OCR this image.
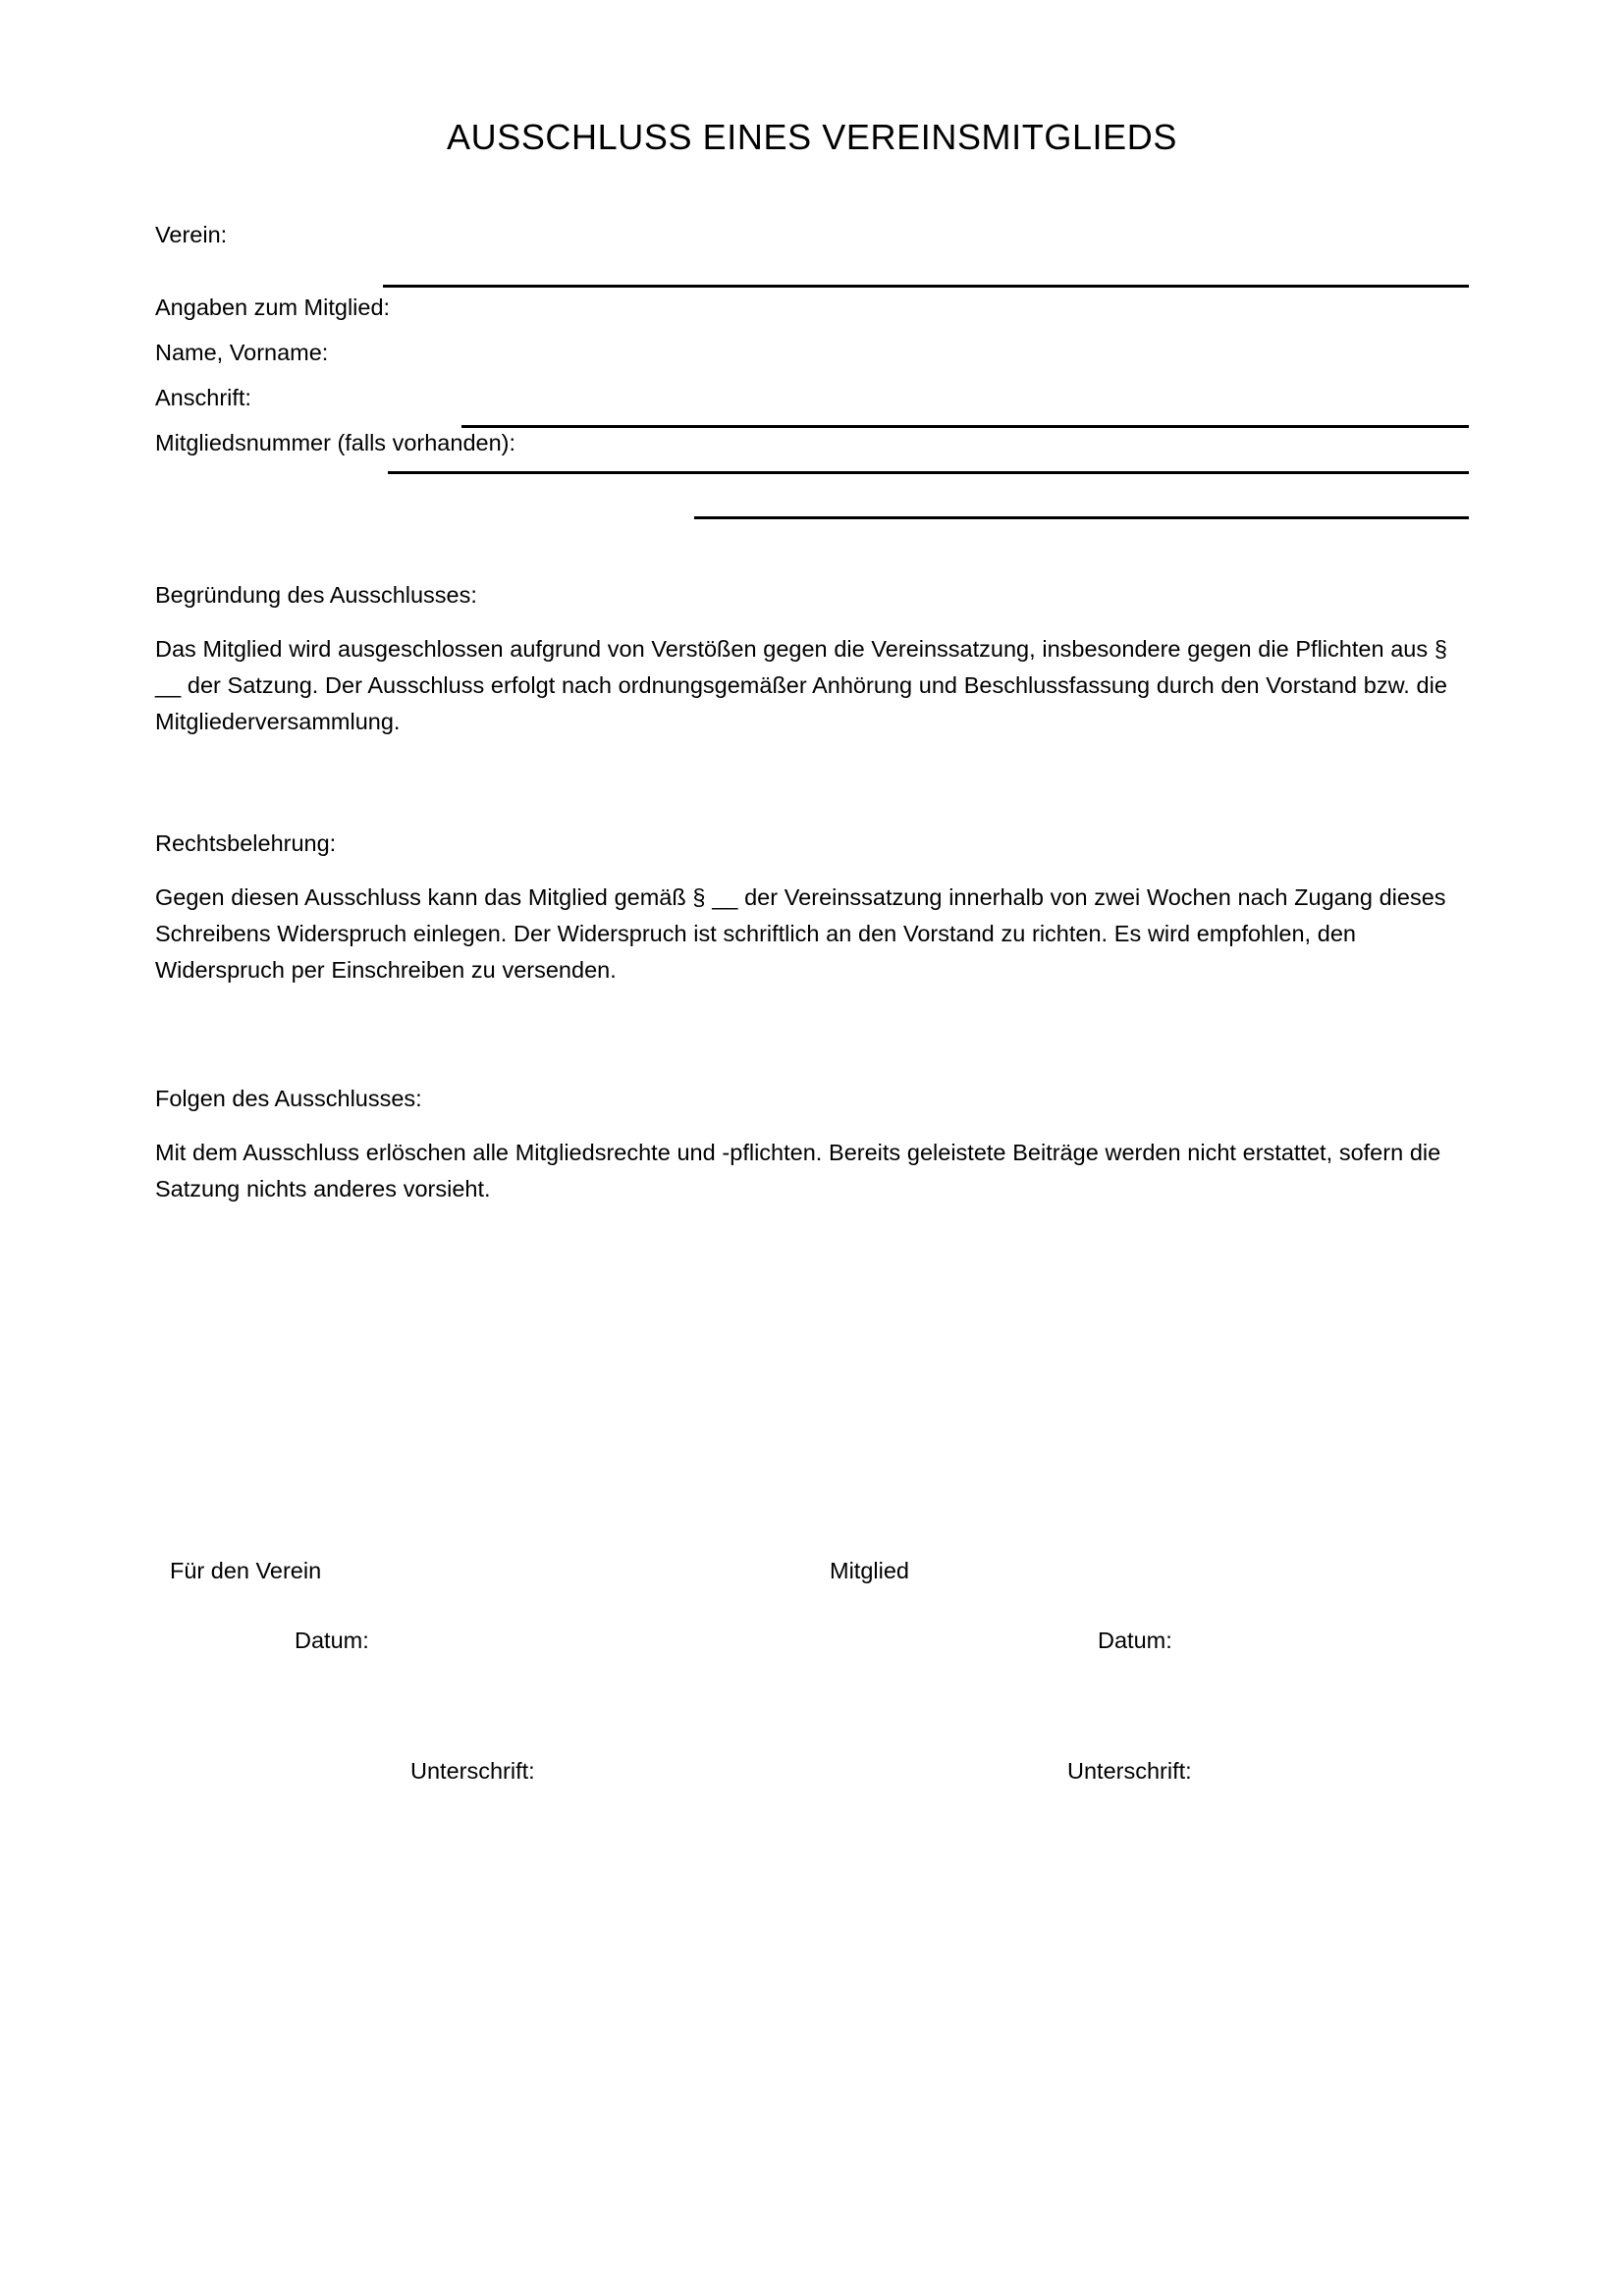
AUSSCHLUSS EINES VEREINSMITGLIEDS
Verein:
Angaben zum Mitglied:
Name, Vorname:
Anschrift:
Mitgliedsnummer (falls vorhanden):
Begründung des Ausschlusses:
Das Mitglied wird ausgeschlossen aufgrund von Verstößen gegen die Vereinssatzung, insbesondere gegen die Pflichten aus § __ der Satzung. Der Ausschluss erfolgt nach ordnungsgemäßer Anhörung und Beschlussfassung durch den Vorstand bzw. die Mitgliederversammlung.
Rechtsbelehrung:
Gegen diesen Ausschluss kann das Mitglied gemäß § __ der Vereinssatzung innerhalb von zwei Wochen nach Zugang dieses Schreibens Widerspruch einlegen. Der Widerspruch ist schriftlich an den Vorstand zu richten. Es wird empfohlen, den Widerspruch per Einschreiben zu versenden.
Folgen des Ausschlusses:
Mit dem Ausschluss erlöschen alle Mitgliedsrechte und -pflichten. Bereits geleistete Beiträge werden nicht erstattet, sofern die Satzung nichts anderes vorsieht.
Für den Verein	Mitglied
Datum:	Datum:
Unterschrift:	Unterschrift:
